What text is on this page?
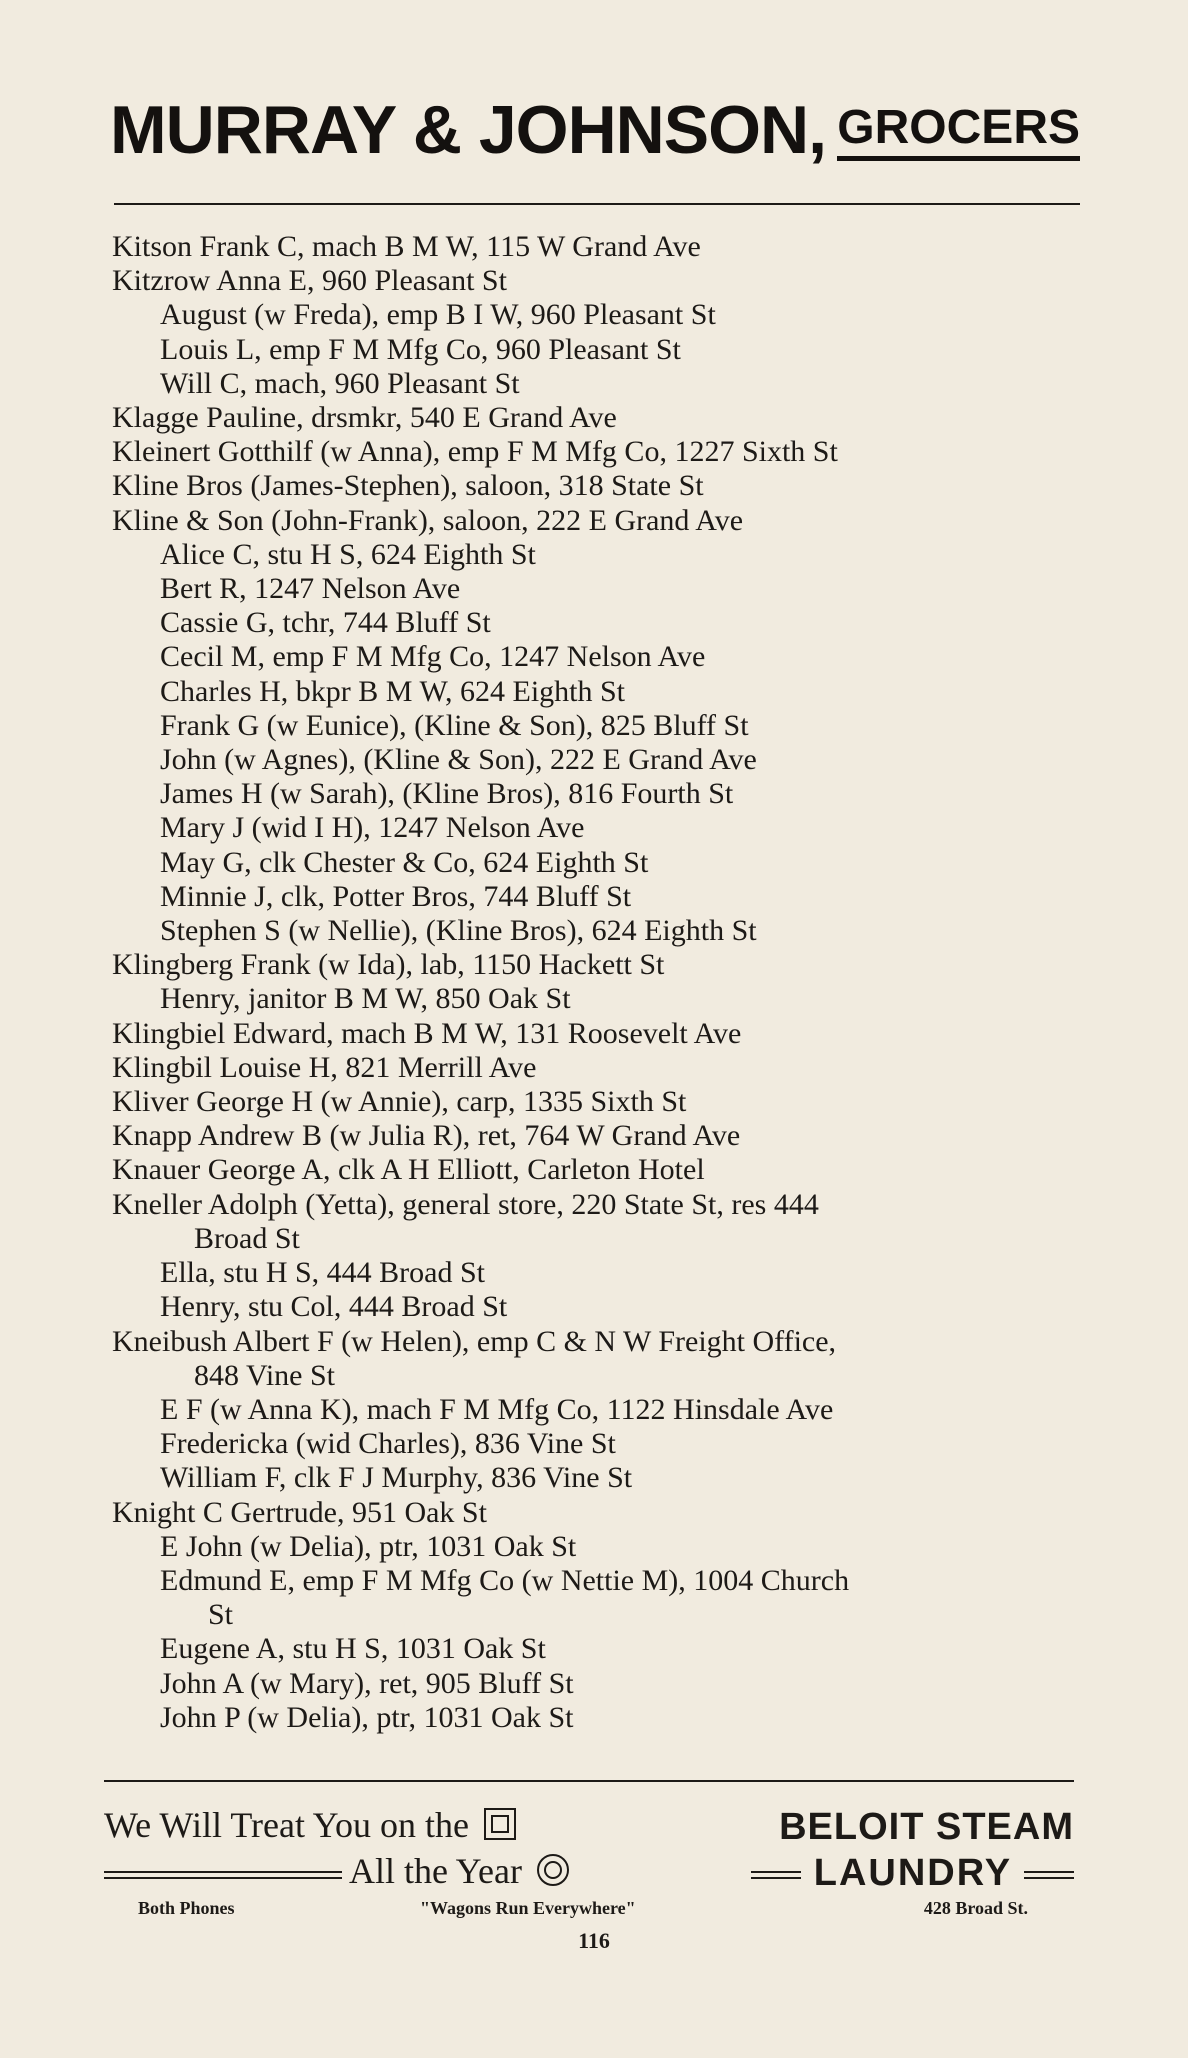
MURRAY & JOHNSON, GROCERS
Kitson Frank C, mach B M W, 115 W Grand Ave
Kitzrow Anna E, 960 Pleasant St
August (w Freda), emp B I W, 960 Pleasant St
Louis L, emp F M Mfg Co, 960 Pleasant St
Will C, mach, 960 Pleasant St
Klagge Pauline, drsmkr, 540 E Grand Ave
Kleinert Gotthilf (w Anna), emp F M Mfg Co, 1227 Sixth St
Kline Bros (James-Stephen), saloon, 318 State St
Kline & Son (John-Frank), saloon, 222 E Grand Ave
Alice C, stu H S, 624 Eighth St
Bert R, 1247 Nelson Ave
Cassie G, tchr, 744 Bluff St
Cecil M, emp F M Mfg Co, 1247 Nelson Ave
Charles H, bkpr B M W, 624 Eighth St
Frank G (w Eunice), (Kline & Son), 825 Bluff St
John (w Agnes), (Kline & Son), 222 E Grand Ave
James H (w Sarah), (Kline Bros), 816 Fourth St
Mary J (wid I H), 1247 Nelson Ave
May G, clk Chester & Co, 624 Eighth St
Minnie J, clk, Potter Bros, 744 Bluff St
Stephen S (w Nellie), (Kline Bros), 624 Eighth St
Klingberg Frank (w Ida), lab, 1150 Hackett St
Henry, janitor B M W, 850 Oak St
Klingbiel Edward, mach B M W, 131 Roosevelt Ave
Klingbil Louise H, 821 Merrill Ave
Kliver George H (w Annie), carp, 1335 Sixth St
Knapp Andrew B (w Julia R), ret, 764 W Grand Ave
Knauer George A, clk A H Elliott, Carleton Hotel
Kneller Adolph (Yetta), general store, 220 State St, res 444
Broad St
Ella, stu H S, 444 Broad St
Henry, stu Col, 444 Broad St
Kneibush Albert F (w Helen), emp C & N W Freight Office,
848 Vine St
E F (w Anna K), mach F M Mfg Co, 1122 Hinsdale Ave
Fredericka (wid Charles), 836 Vine St
William F, clk F J Murphy, 836 Vine St
Knight C Gertrude, 951 Oak St
E John (w Delia), ptr, 1031 Oak St
Edmund E, emp F M Mfg Co (w Nettie M), 1004 Church
St
Eugene A, stu H S, 1031 Oak St
John A (w Mary), ret, 905 Bluff St
John P (w Delia), ptr, 1031 Oak St
We Will Treat You on the
All the Year
BELOIT STEAM
LAUNDRY
Both Phones	"Wagons Run Everywhere"	428 Broad St.
116
